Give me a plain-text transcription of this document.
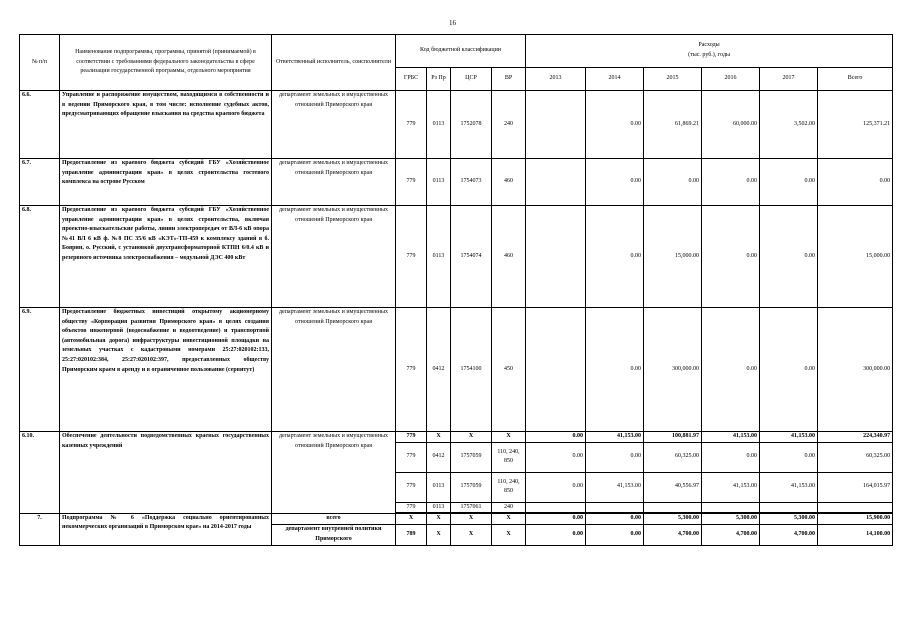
16
№ п/п	Наименование подпрограммы, программы, принятой (принимаемой) в соответствии с требованиями федерального законодательства в сфере реализации государственной программы, отдельного мероприятия	Ответственный исполнитель, соисполнители	Код бюджетной классификации				Расходы
(тыс. руб.), годы					
			ГРБС	Рз Пр	ЦСР	ВР	2013	2014	2015	2016	2017	Всего
6.6.	Управление и распоряжение имуществом, находящимся в собственности и в ведении Приморского края, в том числе: исполнение судебных актов, предусматривающих обращение взыскания на средства краевого бюджета	департамент земельных и имущественных отношений Приморского края	779	0113	1752078	240		0.00	61,869.21	60,000.00	3,502.00	125,371.21
6.7.	Предоставление из краевого бюджета субсидий ГБУ «Хозяйственное управление администрации края» в целях строительства гостевого комплекса на острове Русском	департамент земельных и имущественных отношений Приморского края	779	0113	1754073	460		0.00	0.00	0.00	0.00	0.00
6.8.	Предоставление из краевого бюджета субсидий ГБУ «Хозяйственное управление администрации края» в целях строительства, включая проектно-изыскательские работы, линии электропередач от ВЛ-6 кВ опора №41 ВЛ 6 кВ ф. №8 ПС 35/6 кВ «КЭТ»-ТП-459 к комплексу зданий в б. Боярин, о. Русский, с установкой двухтрансформаторной КТПН 6/0.4 кВ и резервного источника электроснабжения – модульной ДЭС 400 кВт	департамент земельных и имущественных отношений Приморского края	779	0113	1754074	460		0.00	15,000.00	0.00	0.00	15,000.00
6.9.	Предоставление бюджетных инвестиций открытому акционерному обществу «Корпорация развития Приморского края» в целях создания объектов инженерной (водоснабжение и водоотведение) и транспортной (автомобильная дорога) инфраструктуры инвестиционной площадки на земельных участках с кадастровыми номерами 25:27:020102:133, 25:27:020102:384, 25:27:020102:397, предоставленных обществу Приморским краем в аренду и в ограниченное пользование (сервитут)	департамент земельных и имущественных отношений Приморского края	779	0412	1754100	450		0.00	300,000.00	0.00	0.00	300,000.00
6.10.	Обеспечение деятельности подведомственных краевых государственных казенных учреждений	департамент земельных и имущественных отношений Приморского края	779	X	X	X	0.00	41,153.00	100,881.97	41,153.00	41,153.00	224,340.97
			779	0412	1757059	110, 240, 850	0.00	0.00	60,325.00	0.00	0.00	60,325.00
			779	0113	1757059	110, 240, 850	0.00	41,153.00	40,556.97	41,153.00	41,153.00	164,015.97
			779	0113	1757061	240						
7.	Подпрограмма № 6 «Поддержка социально ориентированных некоммерческих организаций в Приморском крае» на 2014-2017 годы	всего	X	X	X	X	0.00	0.00	5,300.00	5,300.00	5,300.00	15,900.00
		департамент внутренней политики Приморского	789	X	X	X	0.00	0.00	4,700.00	4,700.00	4,700.00	14,100.00
